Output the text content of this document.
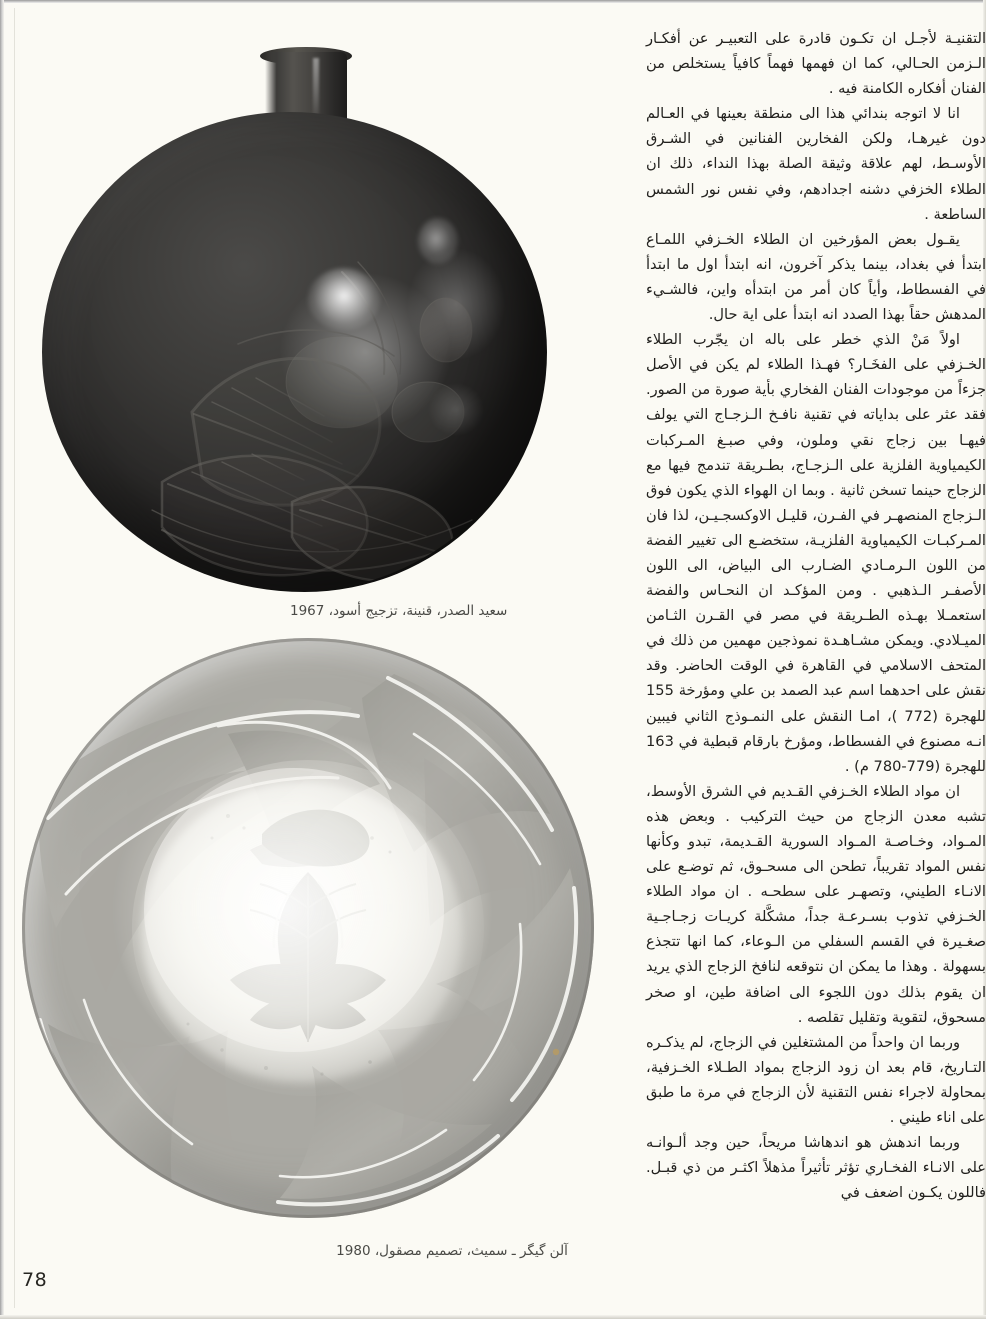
سعيد الصدر، قنينة، تزجيج أسود، 1967
آلن گيگر ـ سميث، تصميم مصقول، 1980

التقنيـة لأجـل ان تكـون قادرة على التعبيـر عن أفكـار الـزمن الحـالي، كما ان فهمها فهماً كافياً يستخلص من الفنان أفكاره الكامنة فيه .

انا لا اتوجه بندائي هذا الى منطقة بعينها في العـالم دون غيرهـا، ولكن الفخارين الفنانين في الشـرق الأوسـط، لهم علاقة وثيقة الصلة بهذا النداء، ذلك ان الطلاء الخزفي دشنه اجدادهم، وفي نفس نور الشمس الساطعة .

يقـول بعض المؤرخين ان الطلاء الخـزفي اللمـاع ابتدأ في بغداد، بينما يذكر آخرون، انه ابتدأ اول ما ابتدأ في الفسطاط، وأياً كان أمر من ابتدأه واين، فالشـيء المدهش حقاً بهذا الصدد انه ابتدأ على اية حال.

اولاً مَنْ الذي خطر على باله ان يجّرب الطلاء الخـزفي على الفخَـار؟ فهـذا الطلاء لم يكن في الأصل جزءاً من موجودات الفنان الفخاري بأية صورة من الصور. فقد عثر على بداياته في تقنية نافـخ الـزجـاج التي يولف فيهـا بين زجاج نقي وملون، وفي صبـغ المـركبات الكيمياوية الفلزية على الـزجـاج، بطـريقة تندمج فيها مع الزجاج حينما تسخن ثانية . وبما ان الهواء الذي يكون فوق الـزجاج المنصهـر في الفـرن، قليـل الاوكسجـيـن، لذا فان المـركبـات الكيمياوية الفلزيـة، ستخضـع الى تغيير الفضة من اللون الـرمـادي الضـارب الى البياض، الى اللون الأصفـر الـذهبي . ومن المؤكـد ان النحـاس والفضة استعمـلا بهـذه الطـريقة في مصر في القـرن الثـامن الميـلادي. ويمكن مشـاهـدة نموذجين مهمين من ذلك في المتحف الاسلامي في القاهرة في الوقت الحاضر. وقد نقش على احدهما اسم عبد الصمد بن علي ومؤرخة 155 للهجرة (772 )، امـا النقش على النمـوذج الثاني فيبين انـه مصنوع في الفسطاط، ومؤرخ بارقام قبطية في 163 للهجرة (779-780 م) .

ان مواد الطلاء الخـزفي القـديم في الشرق الأوسط، تشبه معدن الزجاج من حيث التركيب . وبعض هذه المـواد، وخـاصـة المـواد السورية القـديمة، تبدو وكأنها نفس المواد تقريباً، تطحن الى مسحـوق، ثم توضـع على الانـاء الطيني، وتصهـر على سطحـه . ان مواد الطلاء الخـزفي تذوب بسـرعـة جداً، مشكَّلة كريـات زجـاجـية صغـيرة في القسم السفلي من الـوعاء، كما انها تتجذع بسهولة . وهذا ما يمكن ان نتوقعه لنافخ الزجاج الذي يريد ان يقوم بذلك دون اللجوء الى اضافة طين، او صخر مسحوق، لتقوية وتقليل تقلصه .

وربما ان واحداً من المشتغلين في الزجاج، لم يذكـره التـاريخ، قام بعد ان زود الزجاج بمواد الطـلاء الخـزفية، بمحاولة لاجراء نفس التقنية لأن الزجاج في مرة ما طبق على اناء طيني .

وربما اندهش هو اندهاشا مريحاً، حين وجد ألـوانـه على الانـاء الفخـاري تؤثر تأثيراً مذهلاً اكثـر من ذي قبـل. فاللون يكـون اضعف في

78
